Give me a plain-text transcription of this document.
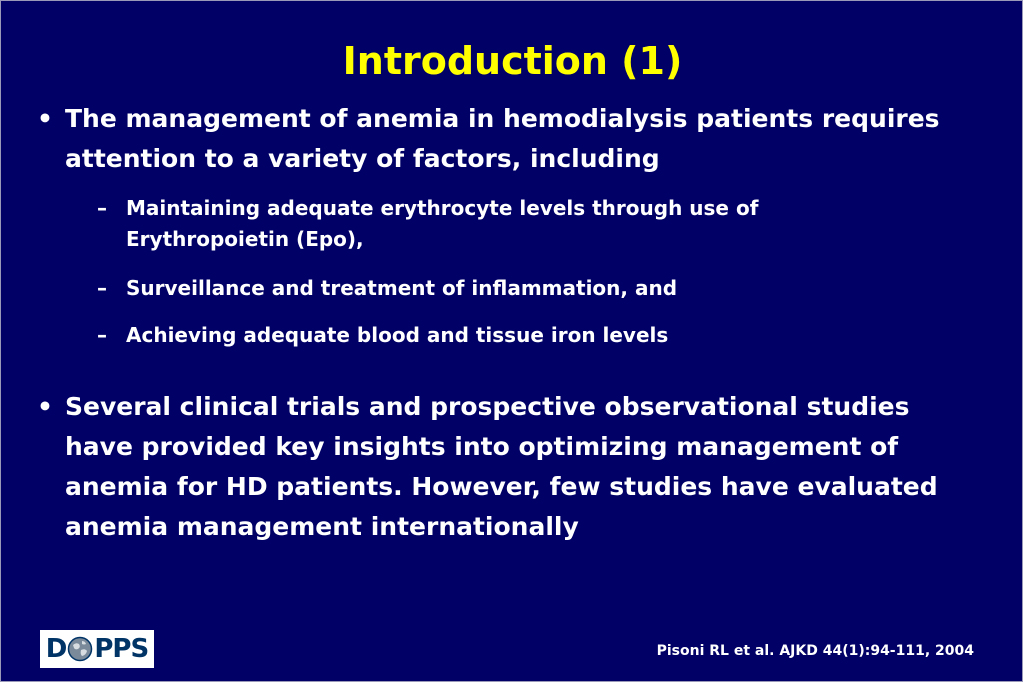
Introduction (1)
• The management of anemia in hemodialysis patients requires attention to a variety of factors, including
– Maintaining adequate erythrocyte levels through use of Erythropoietin (Epo),
– Surveillance and treatment of inflammation, and
– Achieving adequate blood and tissue iron levels
• Several clinical trials and prospective observational studies have provided key insights into optimizing management of anemia for HD patients. However, few studies have evaluated anemia management internationally
D PPS	Pisoni RL et al. AJKD 44(1):94-111, 2004
